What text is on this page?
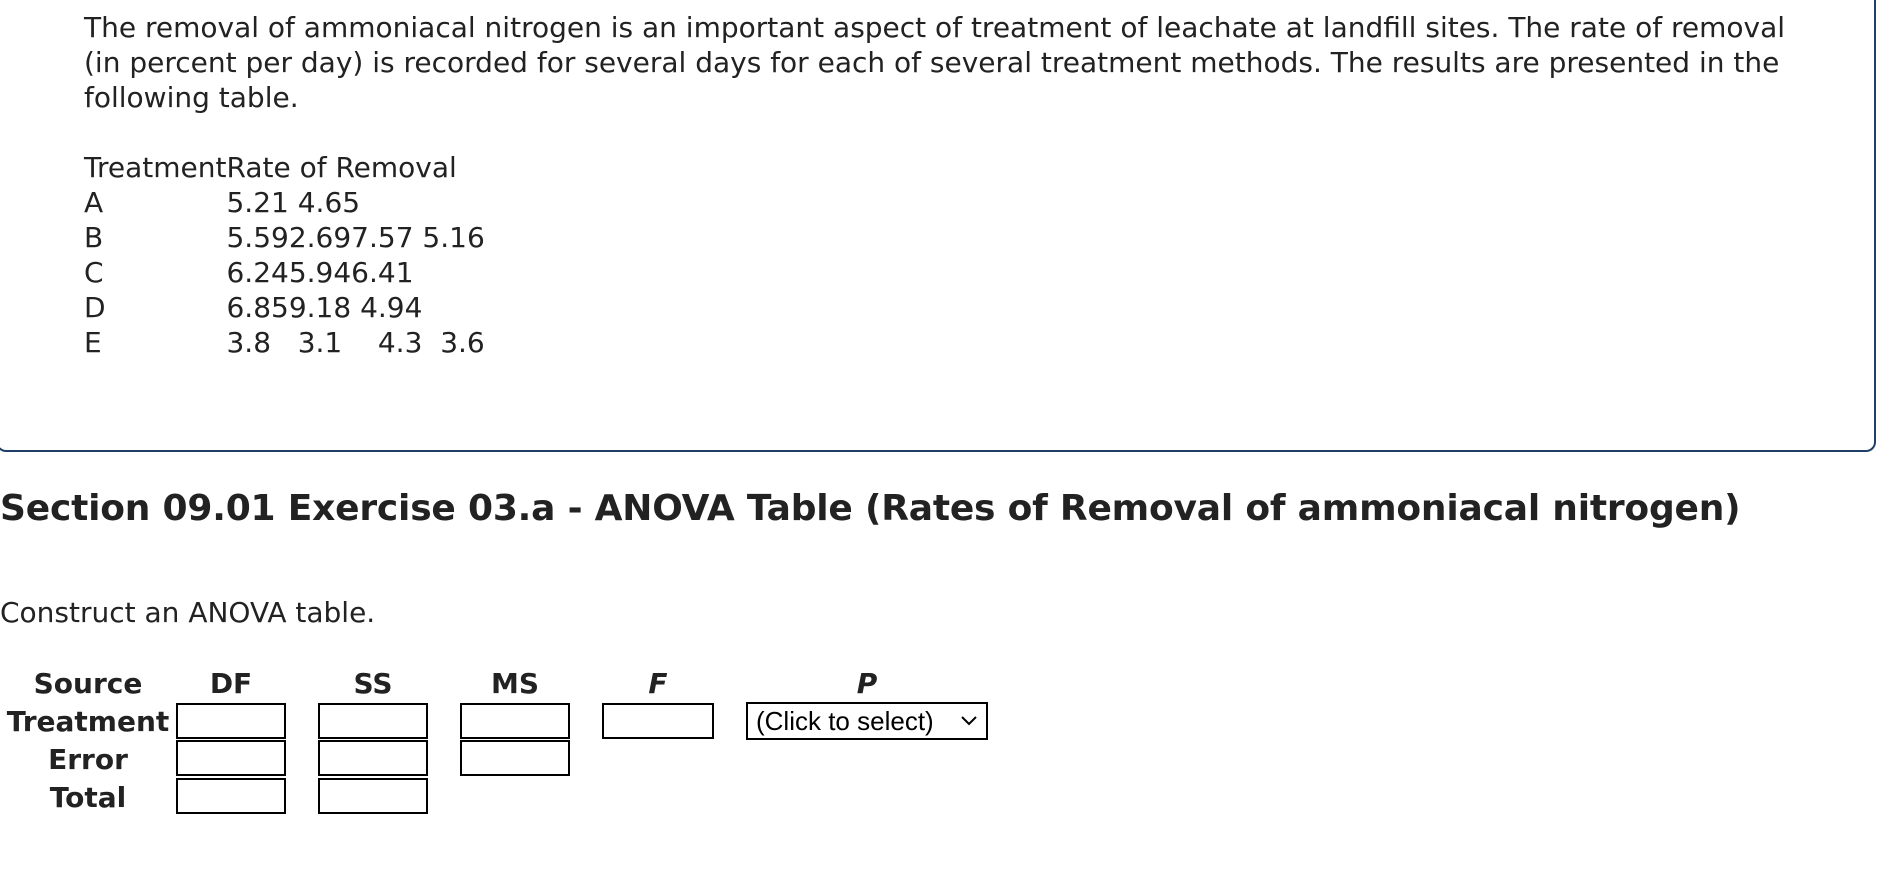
The removal of ammoniacal nitrogen is an important aspect of treatment of leachate at landfill sites. The rate of removal (in percent per day) is recorded for several days for each of several treatment methods. The results are presented in the following table.

Treatment	Rate of Removal
A	5.21 4.65
B	5.592.697.57 5.16
C	6.245.946.41
D	6.859.18 4.94
E	3.8 3.1 4.3 3.6
Section 09.01 Exercise 03.a - ANOVA Table (Rates of Removal of ammoniacal nitrogen)

Construct an ANOVA table.

Source	DF		SS		MS		F		P
Treatment									(Click to select)

Error	

Total	
